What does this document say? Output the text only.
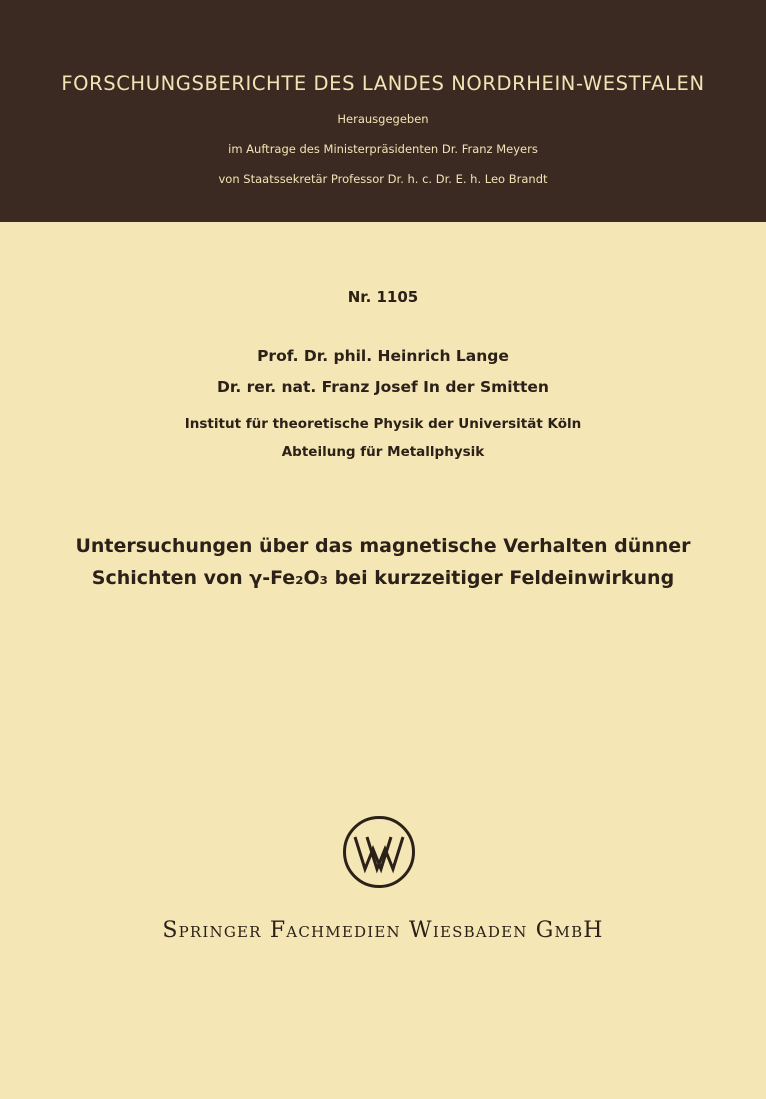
FORSCHUNGSBERICHTE DES LANDES NORDRHEIN-WESTFALEN
Herausgegeben
im Auftrage des Ministerpräsidenten Dr. Franz Meyers
von Staatssekretär Professor Dr. h. c. Dr. E. h. Leo Brandt
Nr. 1105
Prof. Dr. phil. Heinrich Lange
Dr. rer. nat. Franz Josef In der Smitten
Institut für theoretische Physik der Universität Köln
Abteilung für Metallphysik
Untersuchungen über das magnetische Verhalten dünner
Schichten von γ-Fe₂O₃ bei kurzzeitiger Feldeinwirkung
Springer Fachmedien Wiesbaden GmbH
